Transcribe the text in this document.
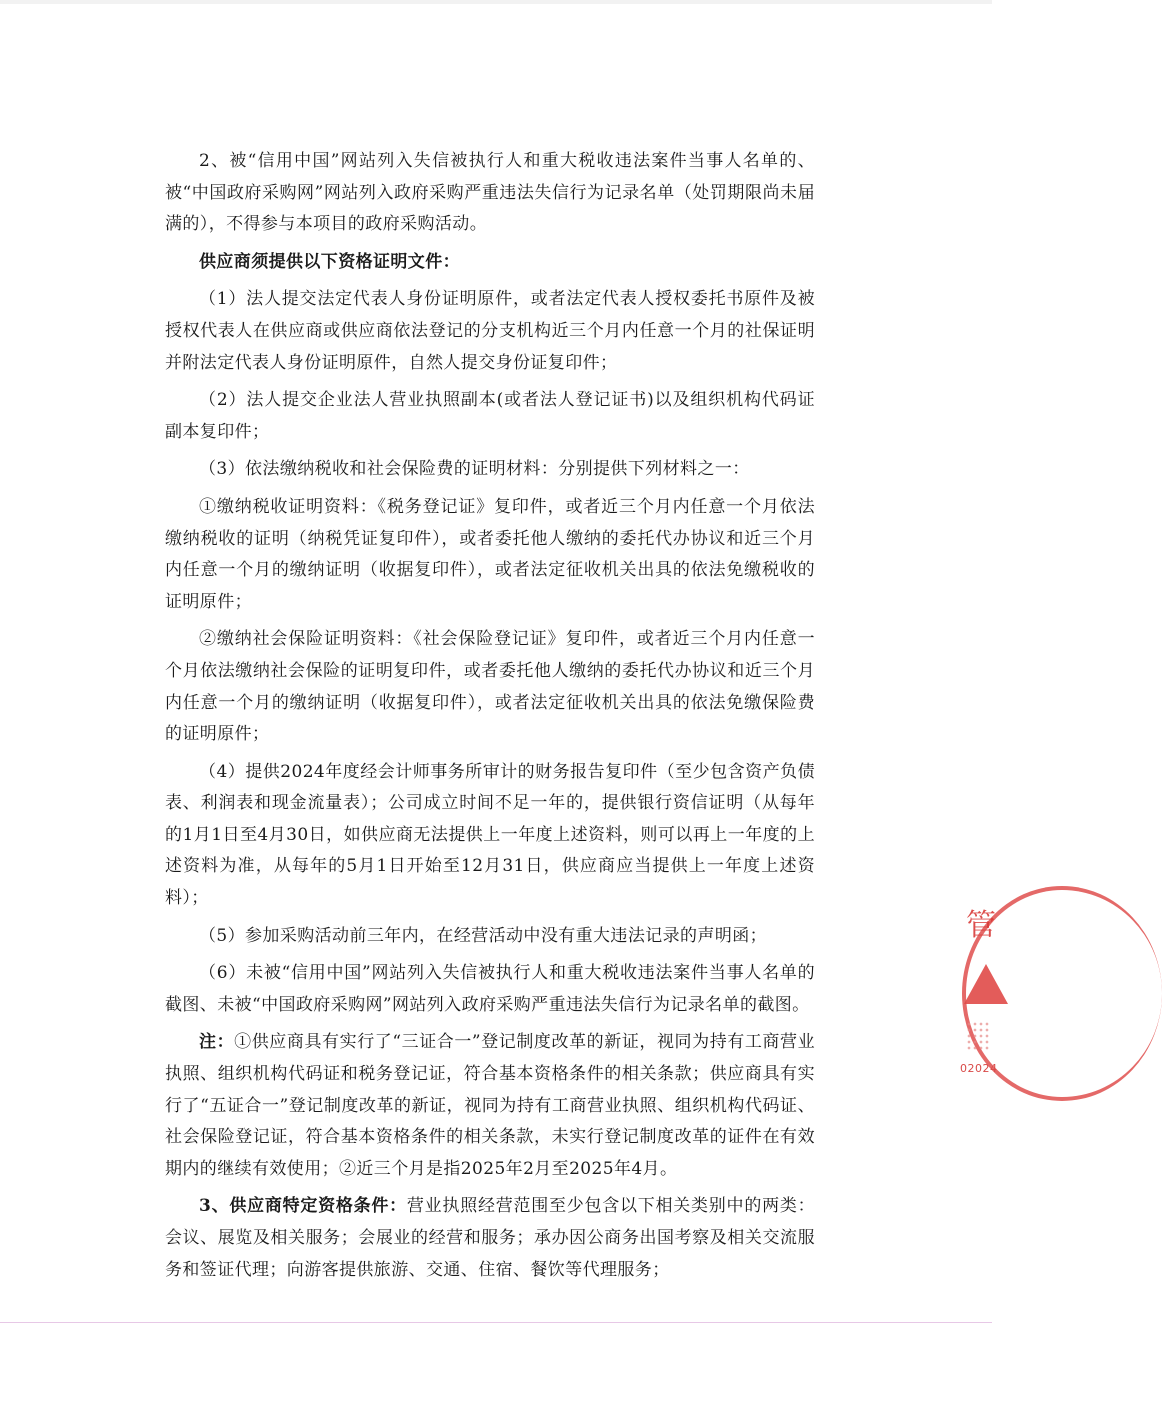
2、被“信用中国”网站列入失信被执行人和重大税收违法案件当事人名单的、被“中国政府采购网”网站列入政府采购严重违法失信行为记录名单（处罚期限尚未届满的），不得参与本项目的政府采购活动。

供应商须提供以下资格证明文件：

（1）法人提交法定代表人身份证明原件，或者法定代表人授权委托书原件及被授权代表人在供应商或供应商依法登记的分支机构近三个月内任意一个月的社保证明并附法定代表人身份证明原件，自然人提交身份证复印件；

（2）法人提交企业法人营业执照副本(或者法人登记证书)以及组织机构代码证副本复印件；

（3）依法缴纳税收和社会保险费的证明材料：分别提供下列材料之一：

①缴纳税收证明资料：《税务登记证》复印件，或者近三个月内任意一个月依法缴纳税收的证明（纳税凭证复印件），或者委托他人缴纳的委托代办协议和近三个月内任意一个月的缴纳证明（收据复印件），或者法定征收机关出具的依法免缴税收的证明原件；

②缴纳社会保险证明资料：《社会保险登记证》复印件，或者近三个月内任意一个月依法缴纳社会保险的证明复印件，或者委托他人缴纳的委托代办协议和近三个月内任意一个月的缴纳证明（收据复印件），或者法定征收机关出具的依法免缴保险费的证明原件；

（4）提供2024年度经会计师事务所审计的财务报告复印件（至少包含资产负债表、利润表和现金流量表）；公司成立时间不足一年的，提供银行资信证明（从每年的1月1日至4月30日，如供应商无法提供上一年度上述资料，则可以再上一年度的上述资料为准，从每年的5月1日开始至12月31日，供应商应当提供上一年度上述资料）；

（5）参加采购活动前三年内，在经营活动中没有重大违法记录的声明函；

（6）未被“信用中国”网站列入失信被执行人和重大税收违法案件当事人名单的截图、未被“中国政府采购网”网站列入政府采购严重违法失信行为记录名单的截图。

注：①供应商具有实行了“三证合一”登记制度改革的新证，视同为持有工商营业执照、组织机构代码证和税务登记证，符合基本资格条件的相关条款；供应商具有实行了“五证合一”登记制度改革的新证，视同为持有工商营业执照、组织机构代码证、社会保险登记证，符合基本资格条件的相关条款，未实行登记制度改革的证件在有效期内的继续有效使用；②近三个月是指2025年2月至2025年4月。

3、供应商特定资格条件：营业执照经营范围至少包含以下相关类别中的两类：会议、展览及相关服务；会展业的经营和服务；承办因公商务出国考察及相关交流服务和签证代理；向游客提供旅游、交通、住宿、餐饮等代理服务；

管
02024
